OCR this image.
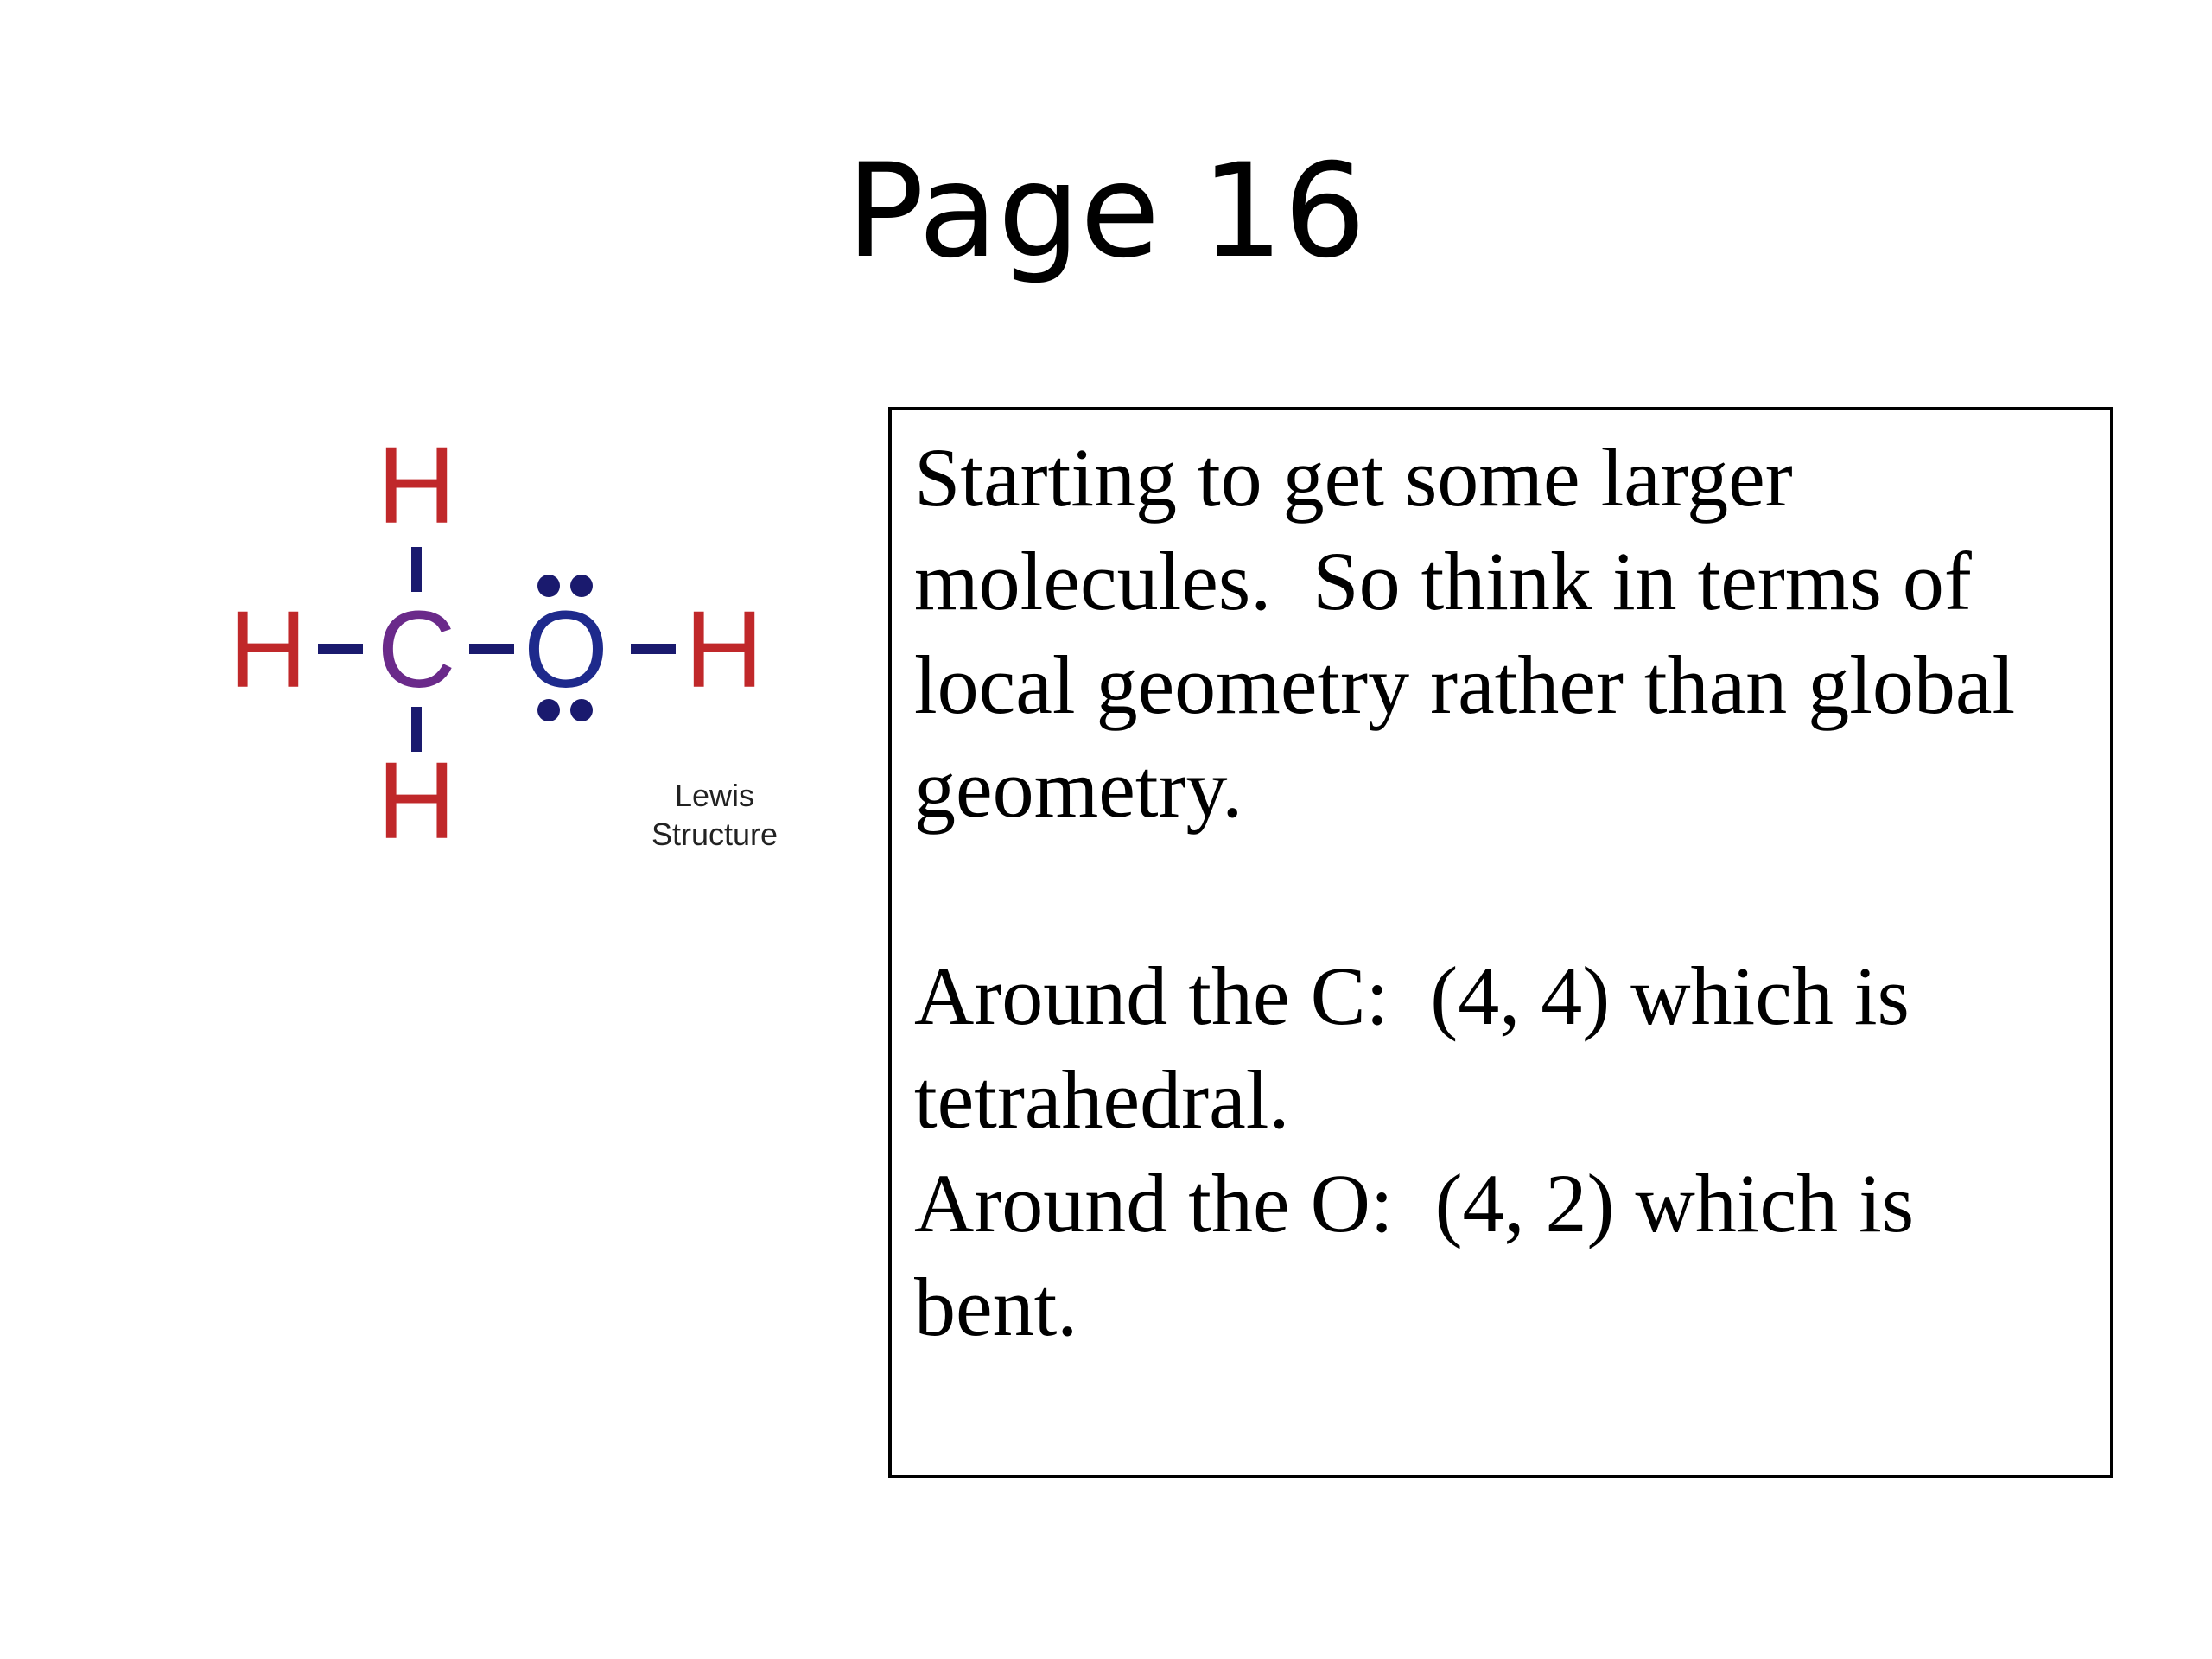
Page 16
H
H C O H
H	Lewis
Structure

Starting to get some larger molecules.  So think in terms of local geometry rather than global geometry.

Around the C:  (4, 4) which is tetrahedral.

Around the O:  (4, 2) which is bent.
